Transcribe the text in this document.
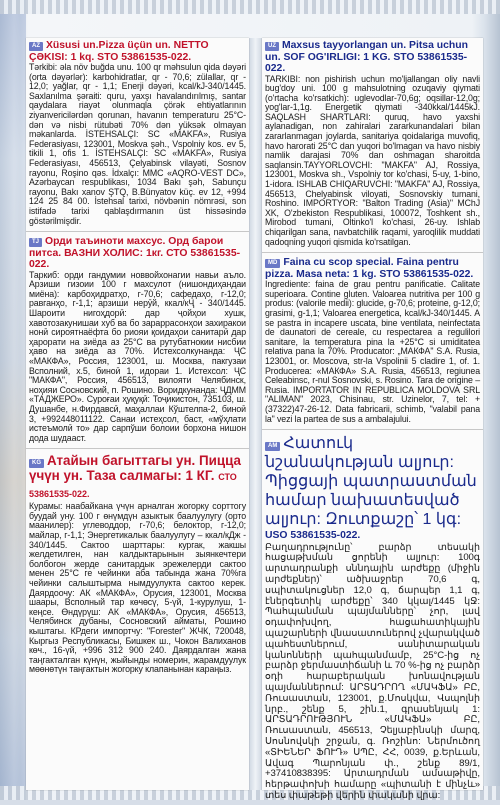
AZ Xüsusi un.Pizza üçün un. NETTO ÇƏKISI: 1 kq. STO 53861535-022.
Tərkibi: əla növ buğda unu. 100 qr məhsulun qida dəyəri (orta dəyərlər): karbohidratlar, qr - 70,6; zülallar, qr - 12,0; yağlar, qr - 1,1; Enerji dəyəri, kcal/kJ-340/1445. Saxlanılma şəraiti: quru, yaxşı havalandırılmış, santar qaydalara riayət olunmaqla çörək ehtiyatlarının ziyanvericilərdən qorunan, havanın temperaturu 25°C-dən və nisbi rütubəti 70% dən yüksək olmayan məkanlarda. İSTEHSALÇI: SC «MAKFA», Rusiya Federasiyası, 123001, Moskva şəh., Vspolniy kos. ev 5, tikili 1, ofis 1. İSTEHSALÇI: SC «MAKFA», Rusiya Federasiyası, 456513, Çelyabinsk vilayəti, Sosnov rayonu, Roşino qəs. İdxalçı: MMC «AQRO-VEST DC», Azərbaycan respublikası, 1034 Bakı şəh, Sabunçu rayonu, Bakı xanov ŞTQ, B.Bünyatov küç. ev 12, +994 124 25 84 00. İstehsal tarixi, növbənin nömrəsi, son istifadə tarixi qablaşdırmanın üst hissəsində göstərilmişdir.
TJ Орди таъиноти махсус. Орд барои питса. ВАЗНИ ХОЛИС: 1кг. СТО 53861535-022.
Таркиб: орди гандумии новвойхонагии навьи аъло. Арзиши гизоии 100 г махсулот (нишондиҳандаи миёна): карбоҳидратҳо, г-70,6; сафедаҳо, г-12,0; равганҳо, г-1,1; арзиши нерӯй, ккал/кҶ - 340/1445. Шароити нигоҳдорӣ: дар ҷойҳои хушк, хавотозакунишаи хуб ва бо зараррасонҳои захиракои нонӣ сироятнаёфта бо риояи қоидаҳои санитарӣ дар ҳарорати на зиёда аз 25°С ва рутубатнокии нисбии ҳаво на зиёда аз 70%. Истехсолкунанда: ҶС «МАКФА», Россия, 123001, ш. Москва, пакгузаи Всполний, х.5, биноӣ 1, идораи 1. Истехсол: ҶС "МАКФА", Россия, 456513, вилояти Челябинск, ноҳияи Сосновский, п. Рошино. Воридкунанда: ҶДММ «ТАДЖЕРО». Суроғаи ҳуқуқӣ: Тоҷикистон, 735103, ш. Душанбе, н.Фирдавсӣ, маҳаллаи Кўштелпа-2, биноӣ 3, +992448011122. Санаи истеҳсол, баст, «мўҳлати истеъмолӣ то» дар сарпўши болоии борхона нишон дода шудааст.
KG Атайын багыттагы ун. Пицца үчүн ун. Таза салмагы: 1 КГ. СТО 53861535-022.
Курамы: наабайкана үчүн арналган жогорку сорттогу буудай уну. 100 г өнүмдүн азыктык баалуулугу (орто маанилер): углеводдор, г-70,6; белоктор, г-12,0; майлар, г-1,1; Энергетикалык баалуулугу – ккал/кДж - 340/1445. Сактоо шарттары: кургак, жакшы желдетилген, нан калдыктарынын зыянкечтери болбогон жерде санитардык эрежелерди сактоо менен 25°C ге чейинки аба табында жана 70%га чейинки салыштырма нымдуулукта сактоо керек. Даярдоочу: АК «МАКФА», Орусия, 123001, Москва шаары, Всполный тар көчөсү, 5-үй, 1-курулуш, 1-кеңсе. Өндүрүш: АК «МАКФА», Орусия, 456513, Челябинск дубаны, Сосновский айматы, Рошино кыштагы. КРдеги импортчу: "Forester" ЖЧК, 720048, Кыргыз Республикасы, Бишкек ш., Чокон Валиханов көч., 16-үй, +996 312 900 240. Даярдалган жана таңгакталган күнүн, жыйынды номерин, жарамдуулук мөөнөтүн таңгактын жогорку клапанынан караңыз.
UZ Maxsus tayyorlangan un. Pitsa uchun un. SOF OG'IRLIGI: 1 KG. STO 53861535-022.
TARKIBI: non pishirish uchun mo'ljallangan oliy navli bug'doy uni. 100 g mahsulotning ozuqaviy qiymati (o'rtacha ko'rsatkich): uglevodlar-70,6g; oqsillar-12,0g; yog'lar-1,1g. Energetik qiymati -340kkal/1445kJ. SAQLASH SHARTLARI: quruq, havo yaxshi aylanadigan, non zahiralari zararkunandalari bilan zararlanmagan joylarda, sanitariya qoidalariga muvofiq, havo harorati 25°C dan yuqori bo'lmagan va havo nisbiy namlik darajasi 70% dan oshmagan sharoitda saqlansin.TAYYORLOVCHI: "MAKFA" AJ, Rossiya, 123001, Moskva sh., Vspolniy tor ko'chasi, 5-uy, 1-bino, 1-idora. ISHLAB CHIQARUVCHI: "MAKFA" AJ, Rossiya, 456513, Chelyabinsk viloyati, Sosnovskiy tumani, Roshino. IMPORTYOR: "Balton Trading (Asia)" MChJ XK, O'zbekiston Respublikasi, 100072, Toshkent sh., Mirobod tumani, Oltinko'l ko'chasi, 26-uy. Ishlab chiqarilgan sana, navbatchilik raqami, yaroqlilik muddati qadoqning yuqori qismida ko'rsatilgan.
MD Faina cu scop special. Faina pentru pizza. Masa neta: 1 kg. STO 53861535-022.
Ingrediente: faina de grau pentru panificatie. Calitate superioara. Contine gluten. Valoarea nutritiva per 100 g produs: (valorile medii): glucide, g-70,6; proteine, g-12,0; grasimi, g-1,1; Valoarea energetica, kcal/kJ-340/1445. A se pastra in incapere uscata, bine ventilata, neinfectata de daunatori de cereale, cu respectarea a regulilori sanitare, la temperatura pina la +25°C si umiditatea relativa pana la 70%. Producator: „МАКФА" S.A. Rusia, 123001, or. Moscova, str-la Vspolinii 5 cladire 1, of. 1. Producerea: «МАКФА» S.A. Rusia, 456513, regiunea Celeabinsc, r-nul Sosnovski, s. Rosino. Tara de origine – Rusia. IMPORTATOR IN REPUBLICA MOLDOVA SRL "ALIMAN" 2023, Chisinau, str. Uzinelor, 7, tel: +(37322)47-26-12. Data fabricarii, schimb, "valabil pana la" vezi la partea de sus a ambalajului.
AM Հատուկ նշանակության ալյուր: Պիցցայի պատրաստման համար նախատեսված ալյուր: Զուտքաշը՝ 1 կգ:
USO 53861535-022.
Բաղադրությունը՝ բարձր տեսակի հացաթխման ցորենի ալյուր: 100գ արտադրանքի սննդային արժեքը (միջին արժեքներ)՝ ածխաջրեր 70,6 գ, սպիտակուցներ 12,0 գ, ճարպեր 1,1 գ, էներգետիկ արժեքը՝ 340 կկալ/1445 կՋ: Պահպանման պայմանները՝ չոր, լավ օդափոխվող, հացահատիկային պաշարների վնասատուներով չվարակված պահեստներում, սանիտարական կանոնների պահպանմամբ, 25°C-ից ոչ բարձր ջերմաստիճանի և 70 %-ից ոչ բարձր օդի հարաբերական խոնավության պայմաններում: ԱՐՏԱԴՐՈՂ «ՄԱԿՖԱ» ԲԸ, Ռուսաստան, 123001, ք.Մոսկվա, Վսպոլնի նրբ., շենք 5, շին.1, գրասենյակ 1: ԱՐՏԱԴՐՈՒԹՅՈՒՆ «ՄԱԿՖԱ» ԲԸ, Ռուսաստան, 456513, Չելյաբինսկի մարզ, Սոսնովսկի շրջան, գ. Ռոշինո: Ներմուծող «ՏԻԵՆԵՐ ՖՈՒԴ» ՍՊԸ, ՀՀ, 0039, ք.Երևան, Ավագ Պարոնյան փ., շենք 89/1, +37410838395: Արտադրման ամսաթիվը, հերթափոխի համարը «պիտանի է մինչև» տես փաթեթի վերին փականի վրա:
